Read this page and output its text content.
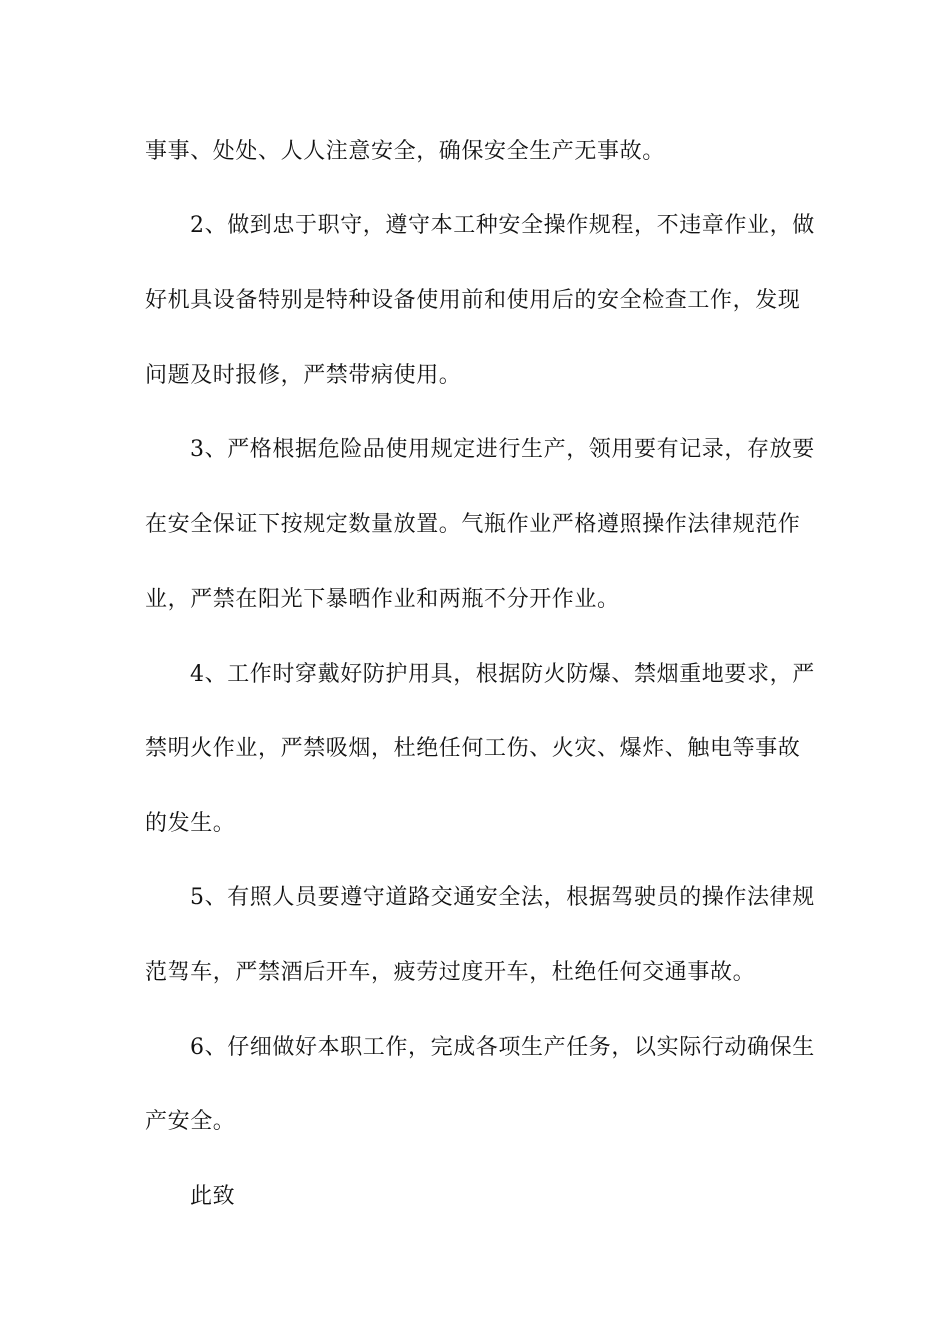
事事、处处、人人注意安全，确保安全生产无事故。
2、做到忠于职守，遵守本工种安全操作规程，不违章作业，做
好机具设备特别是特种设备使用前和使用后的安全检查工作，发现
问题及时报修，严禁带病使用。
3、严格根据危险品使用规定进行生产，领用要有记录，存放要
在安全保证下按规定数量放置。气瓶作业严格遵照操作法律规范作
业，严禁在阳光下暴晒作业和两瓶不分开作业。
4、工作时穿戴好防护用具，根据防火防爆、禁烟重地要求，严
禁明火作业，严禁吸烟，杜绝任何工伤、火灾、爆炸、触电等事故
的发生。
5、有照人员要遵守道路交通安全法，根据驾驶员的操作法律规
范驾车，严禁酒后开车，疲劳过度开车，杜绝任何交通事故。
6、仔细做好本职工作，完成各项生产任务，以实际行动确保生
产安全。
此致
